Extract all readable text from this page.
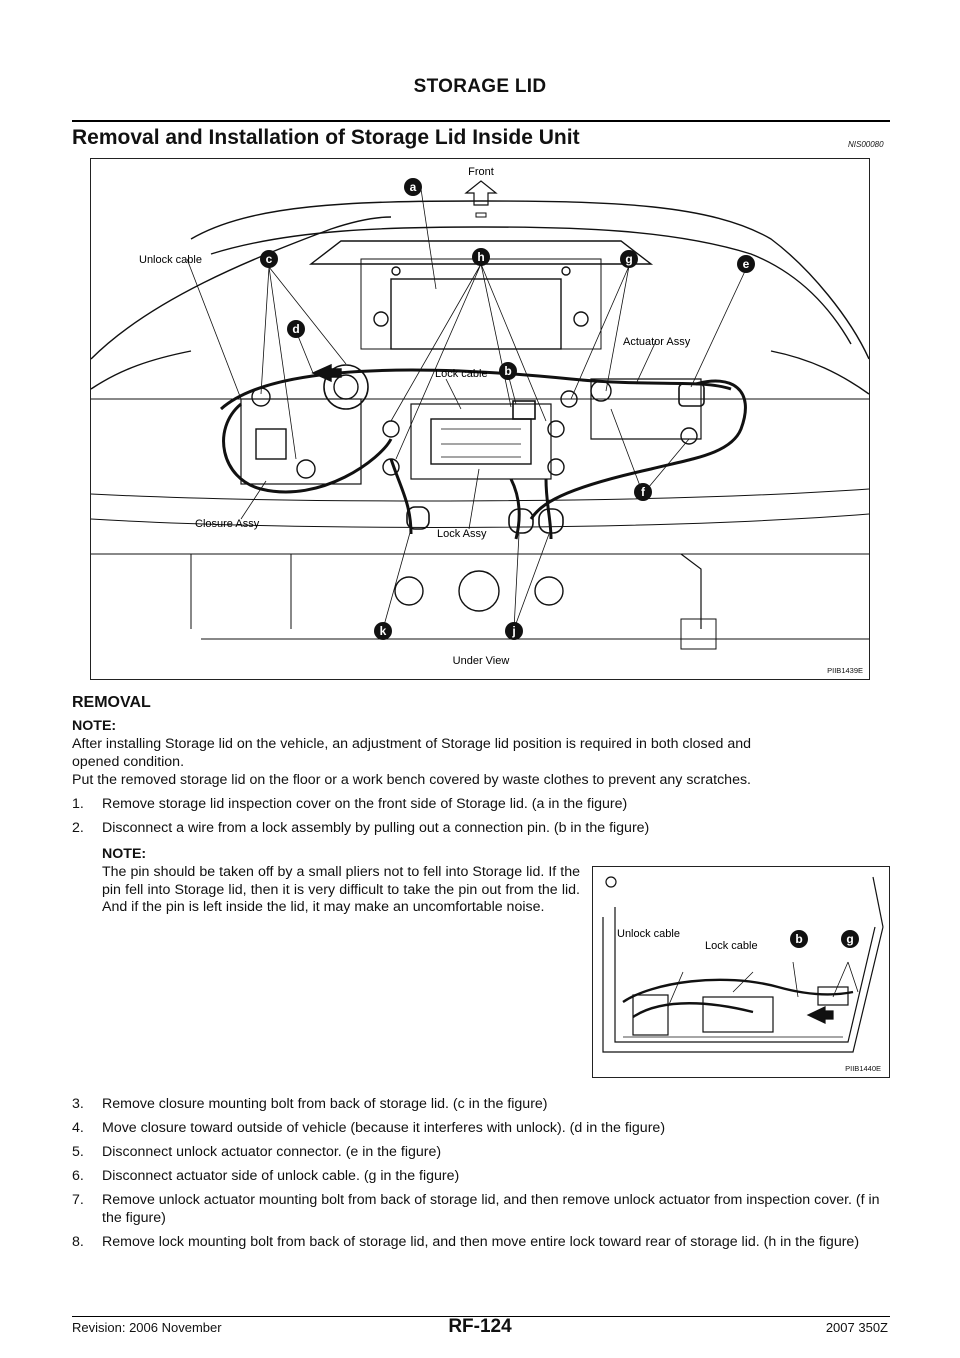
STORAGE LID
Removal and Installation of Storage Lid Inside Unit	NIS00080
a
c	h	g	e
d
b
f
k	j
Front
Unlock cable
Actuator Assy
Lock cable
Closure Assy
Lock Assy
Under View
PIIB1439E
REMOVAL
NOTE:
After installing Storage lid on the vehicle, an adjustment of Storage lid position is required in both closed and
opened condition.
Put the removed storage lid on the floor or a work bench covered by waste clothes to prevent any scratches.
1. Remove storage lid inspection cover on the front side of Storage lid. (a in the figure)
2. Disconnect a wire from a lock assembly by pulling out a connection pin. (b in the figure)
NOTE:
The pin should be taken off by a small pliers not to fell into Storage lid. If the pin fell into Storage lid, then it is very difficult to take the pin out from the lid. And if the pin is left inside the lid, it may make an uncomfortable noise.
Unlock cable
Lock cable	b	g
PIIB1440E
3. Remove closure mounting bolt from back of storage lid. (c in the figure)
4. Move closure toward outside of vehicle (because it interferes with unlock). (d in the figure)
5. Disconnect unlock actuator connector. (e in the figure)
6. Disconnect actuator side of unlock cable. (g in the figure)
7. Remove unlock actuator mounting bolt from back of storage lid, and then remove unlock actuator from inspection cover. (f in the figure)
8. Remove lock mounting bolt from back of storage lid, and then move entire lock toward rear of storage lid. (h in the figure)
Revision: 2006 November	RF-124	2007 350Z
